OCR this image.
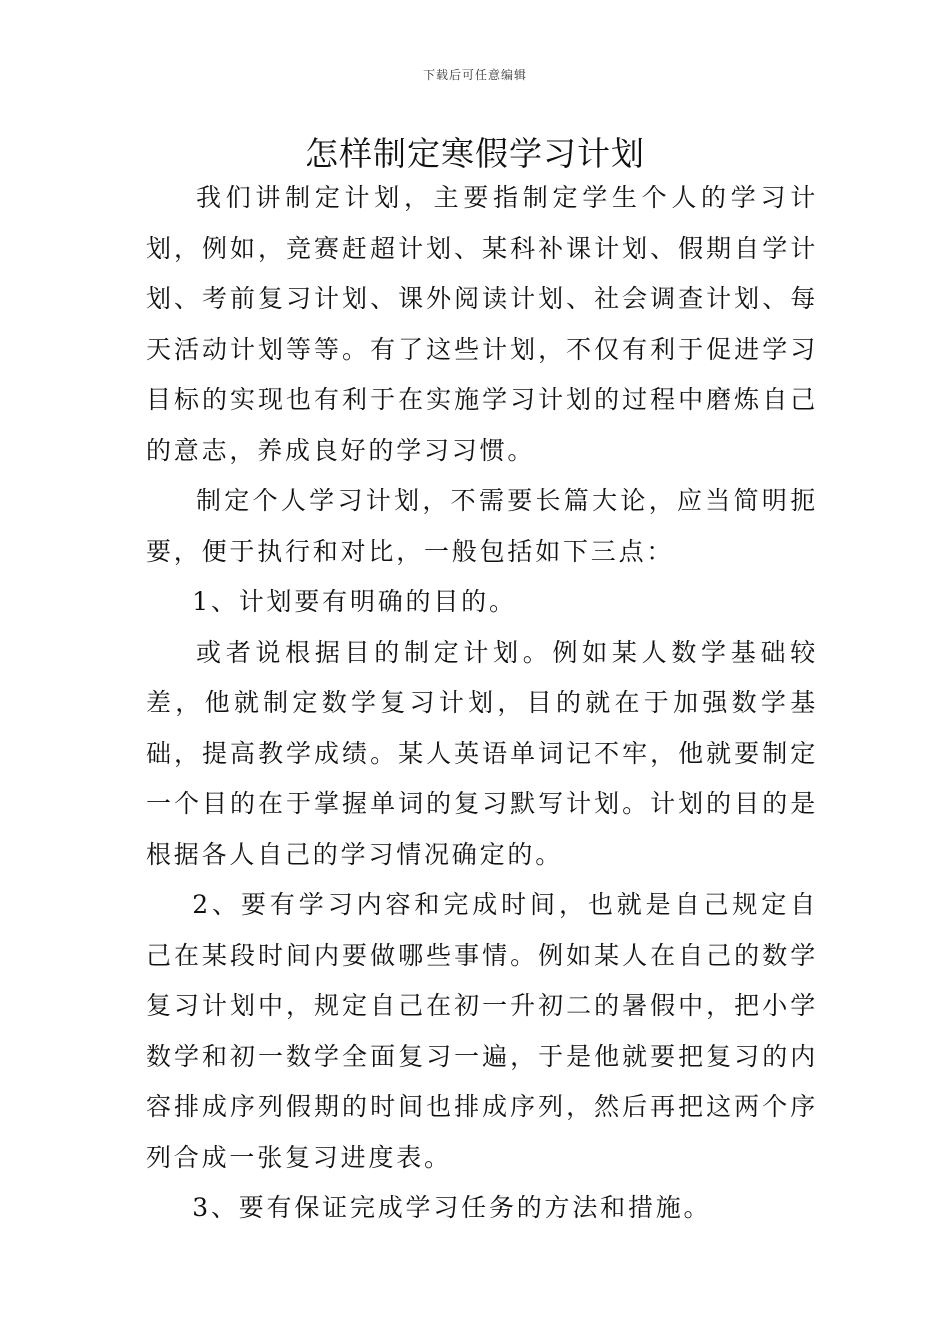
下载后可任意编辑
怎样制定寒假学习计划

我们讲制定计划，主要指制定学生个人的学习计划，例如，竞赛赶超计划、某科补课计划、假期自学计划、考前复习计划、课外阅读计划、社会调查计划、每天活动计划等等。有了这些计划，不仅有利于促进学习目标的实现也有利于在实施学习计划的过程中磨炼自己的意志，养成良好的学习习惯。

制定个人学习计划，不需要长篇大论，应当简明扼要，便于执行和对比，一般包括如下三点：

1、计划要有明确的目的。

或者说根据目的制定计划。例如某人数学基础较差，他就制定数学复习计划，目的就在于加强数学基础，提高教学成绩。某人英语单词记不牢，他就要制定一个目的在于掌握单词的复习默写计划。计划的目的是根据各人自己的学习情况确定的。

2、要有学习内容和完成时间，也就是自己规定自己在某段时间内要做哪些事情。例如某人在自己的数学复习计划中，规定自己在初一升初二的暑假中，把小学数学和初一数学全面复习一遍，于是他就要把复习的内容排成序列假期的时间也排成序列，然后再把这两个序列合成一张复习进度表。

3、要有保证完成学习任务的方法和措施。
